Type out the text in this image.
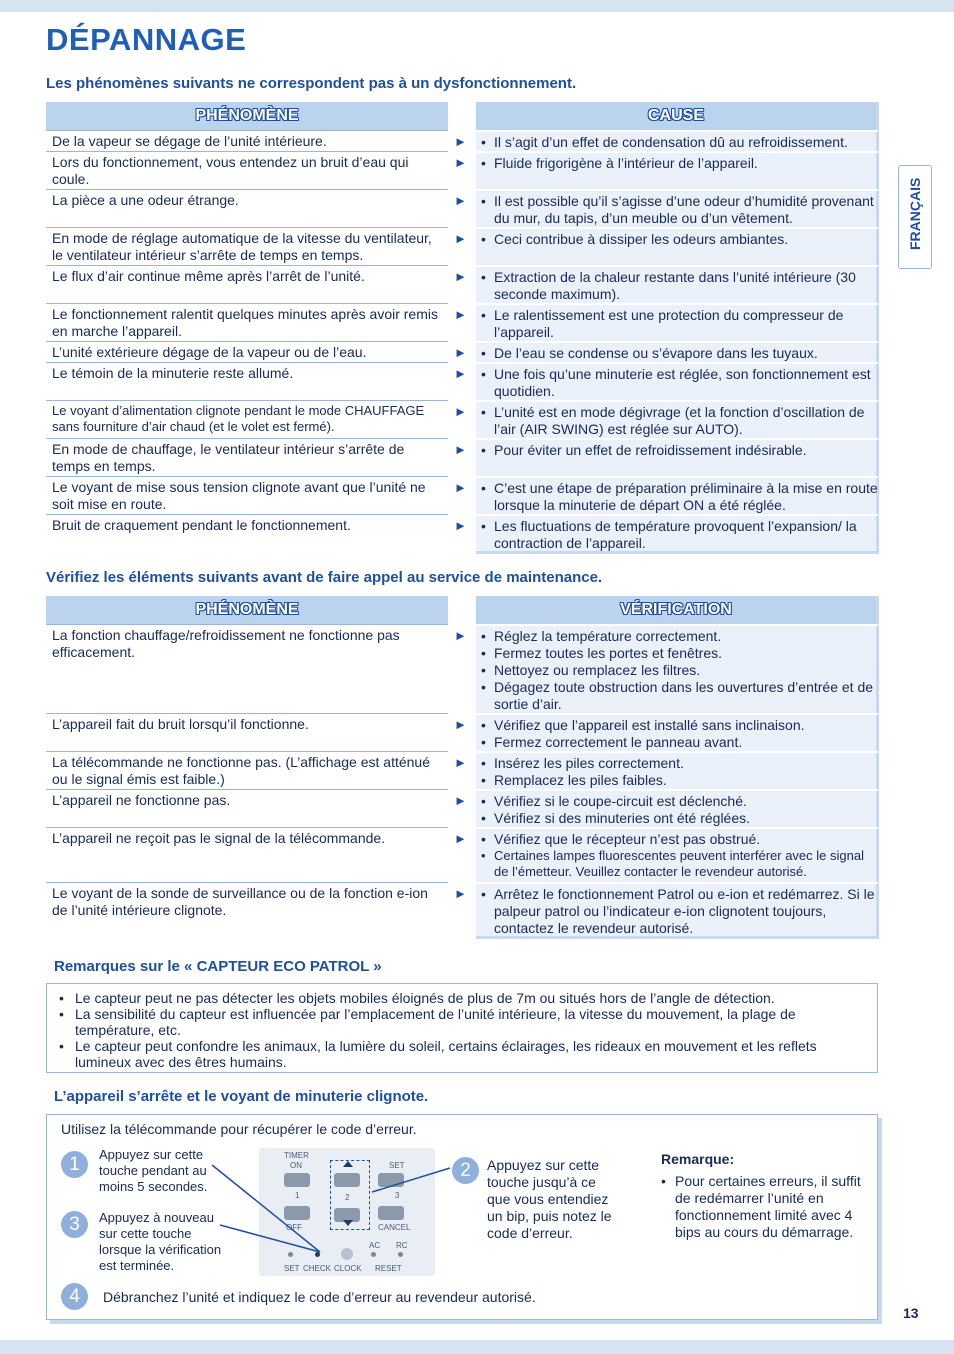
DÉPANNAGE
Les phénomènes suivants ne correspondent pas à un dysfonctionnement.
PHÉNOMÈNE	CAUSE
De la vapeur se dégage de l’unité intérieure.	► • Il s’agit d’un effet de condensation dû au refroidissement.
Lors du fonctionnement, vous entendez un bruit d’eau qui coule.
► • Fluide frigorigène à l’intérieur de l’appareil.
La pièce a une odeur étrange.	► • Il est possible qu’il s’agisse d’une odeur d’humidité provenant du mur, du tapis, d’un meuble ou d’un vêtement.
En mode de réglage automatique de la vitesse du ventilateur, le ventilateur intérieur s’arrête de temps en temps.
► • Ceci contribue à dissiper les odeurs ambiantes.
Le flux d’air continue même après l’arrêt de l’unité.	► • Extraction de la chaleur restante dans l’unité intérieure (30 seconde maximum).
Le fonctionnement ralentit quelques minutes après avoir remis en marche l’appareil.
► • Le ralentissement est une protection du compresseur de l’appareil.
L’unité extérieure dégage de la vapeur ou de l’eau.	► • De l’eau se condense ou s’évapore dans les tuyaux.
Le témoin de la minuterie reste allumé.	► • Une fois qu’une minuterie est réglée, son fonctionnement est quotidien.
Le voyant d’alimentation clignote pendant le mode CHAUFFAGE sans fourniture d’air chaud (et le volet est fermé).
► • L’unité est en mode dégivrage (et la fonction d’oscillation de l’air (AIR SWING) est réglée sur AUTO).
En mode de chauffage, le ventilateur intérieur s’arrête de temps en temps.
► • Pour éviter un effet de refroidissement indésirable.
Le voyant de mise sous tension clignote avant que l’unité ne soit mise en route.
► • C’est une étape de préparation préliminaire à la mise en route lorsque la minuterie de départ ON a été réglée.
Bruit de craquement pendant le fonctionnement.	► • Les fluctuations de température provoquent l’expansion/ la contraction de l’appareil.
Vérifiez les éléments suivants avant de faire appel au service de maintenance.
PHÉNOMÈNE	VÉRIFICATION
La fonction chauffage/refroidissement ne fonctionne pas efficacement.
► • Réglez la température correctement.
• Fermez toutes les portes et fenêtres.
• Nettoyez ou remplacez les filtres.
• Dégagez toute obstruction dans les ouvertures d’entrée et de sortie d’air.
L’appareil fait du bruit lorsqu’il fonctionne.	► • Vérifiez que l’appareil est installé sans inclinaison.
• Fermez correctement le panneau avant.
La télécommande ne fonctionne pas. (L’affichage est atténué ou le signal émis est faible.)
► • Insérez les piles correctement.
• Remplacez les piles faibles.
L’appareil ne fonctionne pas.	► • Vérifiez si le coupe-circuit est déclenché.
• Vérifiez si des minuteries ont été réglées.
L’appareil ne reçoit pas le signal de la télécommande.	► • Vérifiez que le récepteur n’est pas obstrué.
• Certaines lampes fluorescentes peuvent interférer avec le signal de l’émetteur. Veuillez contacter le revendeur autorisé.
Le voyant de la sonde de surveillance ou de la fonction e-ion de l’unité intérieure clignote.
► • Arrêtez le fonctionnement Patrol ou e-ion et redémarrez. Si le palpeur patrol ou l’indicateur e-ion clignotent toujours, contactez le revendeur autorisé.
Remarques sur le « CAPTEUR ECO PATROL »
• Le capteur peut ne pas détecter les objets mobiles éloignés de plus de 7m ou situés hors de l’angle de détection.
• La sensibilité du capteur est influencée par l’emplacement de l’unité intérieure, la vitesse du mouvement, la plage de température, etc.
• Le capteur peut confondre les animaux, la lumière du soleil, certains éclairages, les rideaux en mouvement et les reflets lumineux avec des êtres humains.
L’appareil s’arrête et le voyant de minuterie clignote.
Utilisez la télécommande pour récupérer le code d’erreur.
1	Appuyez sur cette touche pendant au moins 5 secondes.
3	Appuyez à nouveau sur cette touche lorsque la vérification est terminée.
2	Appuyez sur cette touche jusqu’à ce que vous entendiez un bip, puis notez le code d’erreur.
Remarque:
• Pour certaines erreurs, il suffit de redémarrer l’unité en fonctionnement limité avec 4 bips au cours du démarrage.
4	Débranchez l’unité et indiquez le code d’erreur au revendeur autorisé.
TIMER
ON	SET
1	2	3
OFF	CANCEL
AC RC
SET CHECK CLOCK RESET
FRANÇAIS
13
